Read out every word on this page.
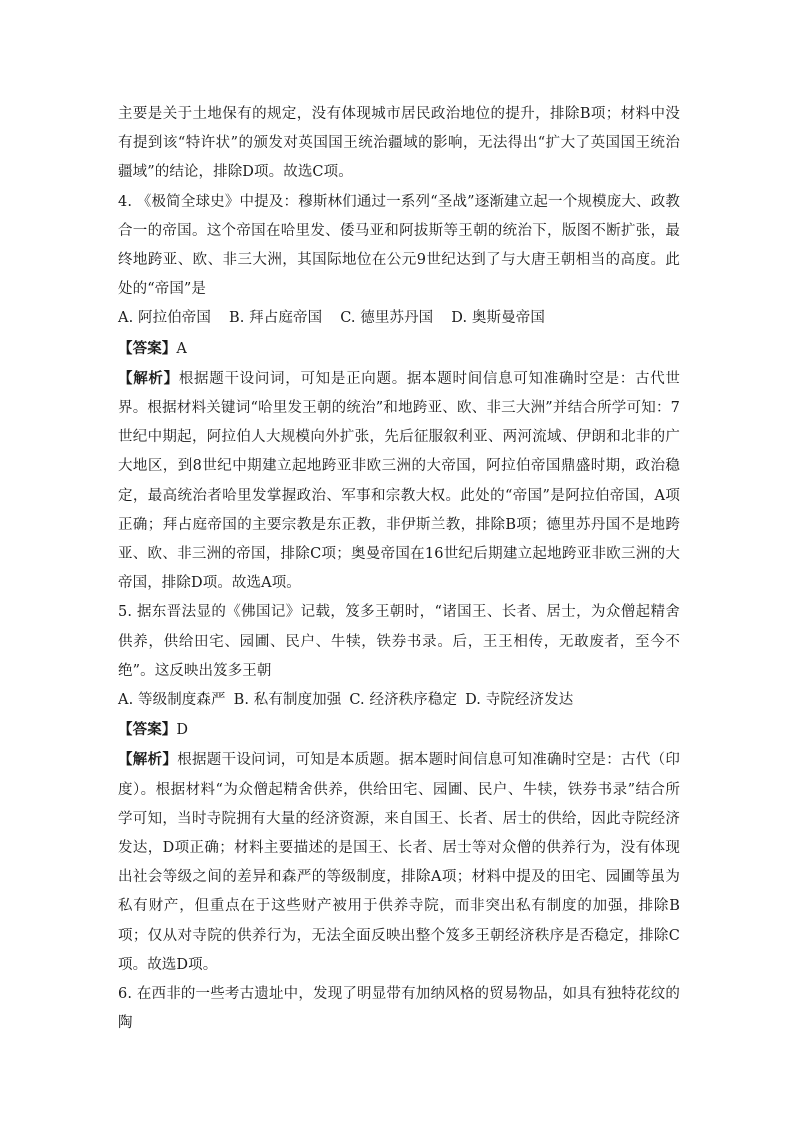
主要是关于土地保有的规定，没有体现城市居民政治地位的提升，排除B项；材料中没有提到该“特许状”的颁发对英国国王统治疆域的影响，无法得出“扩大了英国国王统治疆域”的结论，排除D项。故选C项。

4. 《极简全球史》中提及：穆斯林们通过一系列“圣战”逐渐建立起一个规模庞大、政教合一的帝国。这个帝国在哈里发、倭马亚和阿拔斯等王朝的统治下，版图不断扩张，最终地跨亚、欧、非三大洲，其国际地位在公元9世纪达到了与大唐王朝相当的高度。此处的“帝国”是

A. 阿拉伯帝国 B. 拜占庭帝国 C. 德里苏丹国 D. 奥斯曼帝国

【答案】A

【解析】根据题干设问词，可知是正向题。据本题时间信息可知准确时空是：古代世界。根据材料关键词“哈里发王朝的统治”和地跨亚、欧、非三大洲”并结合所学可知：7世纪中期起，阿拉伯人大规模向外扩张，先后征服叙利亚、两河流域、伊朗和北非的广大地区，到8世纪中期建立起地跨亚非欧三洲的大帝国，阿拉伯帝国鼎盛时期，政治稳定，最高统治者哈里发掌握政治、军事和宗教大权。此处的“帝国”是阿拉伯帝国，A项正确；拜占庭帝国的主要宗教是东正教，非伊斯兰教，排除B项；德里苏丹国不是地跨亚、欧、非三洲的帝国，排除C项；奥曼帝国在16世纪后期建立起地跨亚非欧三洲的大帝国，排除D项。故选A项。

5. 据东晋法显的《佛国记》记载，笈多王朝时，“诸国王、长者、居士，为众僧起精舍供养，供给田宅、园圃、民户、牛犊，铁券书录。后，王王相传，无敢废者，至今不绝”。这反映出笈多王朝

A. 等级制度森严 B. 私有制度加强 C. 经济秩序稳定 D. 寺院经济发达

【答案】D

【解析】根据题干设问词，可知是本质题。据本题时间信息可知准确时空是：古代（印度）。根据材料“为众僧起精舍供养，供给田宅、园圃、民户、牛犊，铁券书录”结合所学可知，当时寺院拥有大量的经济资源，来自国王、长者、居士的供给，因此寺院经济发达，D项正确；材料主要描述的是国王、长者、居士等对众僧的供养行为，没有体现出社会等级之间的差异和森严的等级制度，排除A项；材料中提及的田宅、园圃等虽为私有财产，但重点在于这些财产被用于供养寺院，而非突出私有制度的加强，排除B项；仅从对寺院的供养行为，无法全面反映出整个笈多王朝经济秩序是否稳定，排除C项。故选D项。

6. 在西非的一些考古遗址中，发现了明显带有加纳风格的贸易物品，如具有独特花纹的陶
